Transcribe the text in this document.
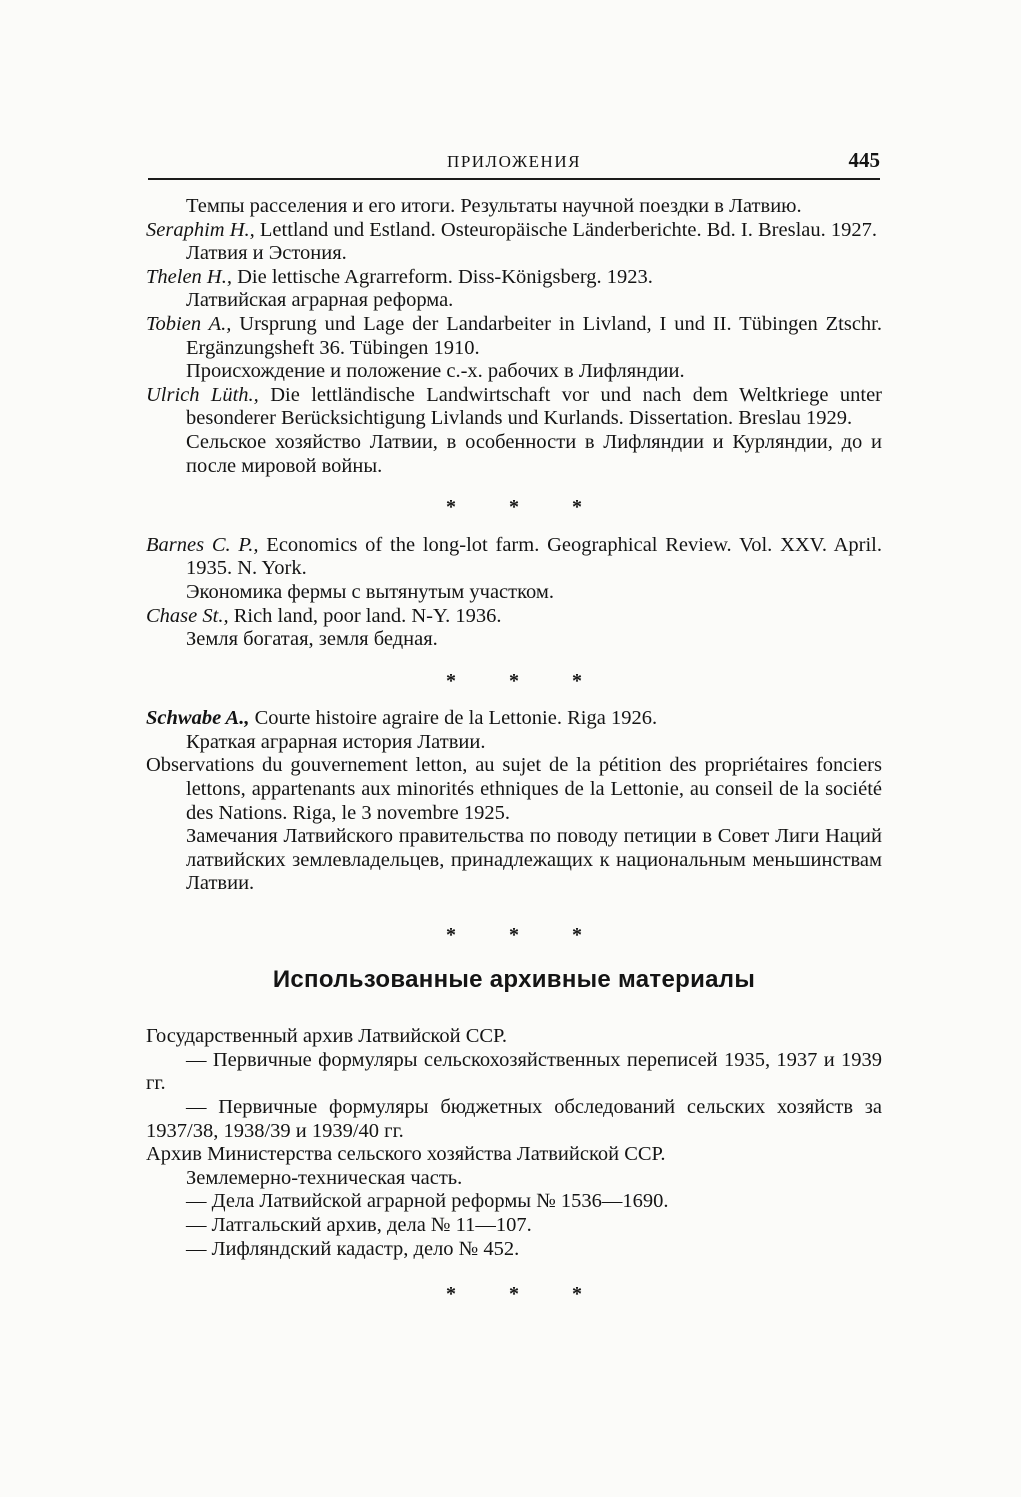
ПРИЛОЖЕНИЯ	445

Темпы расселения и его итоги. Результаты научной поездки в Латвию.

Seraphim H., Lettland und Estland. Osteuropäische Länderberichte. Bd. I. Breslau. 1927.

Латвия и Эстония.

Thelen H., Die lettische Agrarreform. Diss-Königsberg. 1923.

Латвийская аграрная реформа.

Tobien A., Ursprung und Lage der Landarbeiter in Livland, I und II. Tübingen Ztschr. Ergänzungsheft 36. Tübingen 1910.

Происхождение и положение с.-х. рабочих в Лифляндии.

Ulrich Lüth., Die lettländische Landwirtschaft vor und nach dem Weltkriege unter besonderer Berücksichtigung Livlands und Kurlands. Dissertation. Breslau 1929.

Сельское хозяйство Латвии, в особенности в Лифляндии и Курляндии, до и после мировой войны.

* * *

Barnes C. P., Economics of the long-lot farm. Geographical Review. Vol. XXV. April. 1935. N. York.

Экономика фермы с вытянутым участком.

Chase St., Rich land, poor land. N-Y. 1936.

Земля богатая, земля бедная.

* * *

Schwabe A., Courte histoire agraire de la Lettonie. Riga 1926.

Краткая аграрная история Латвии.

Observations du gouvernement letton, au sujet de la pétition des propriétaires fonciers lettons, appartenants aux minorités ethniques de la Lettonie, au conseil de la société des Nations. Riga, le 3 novembre 1925.

Замечания Латвийского правительства по поводу петиции в Совет Лиги Наций латвийских землевладельцев, принадлежащих к национальным меньшинствам Латвии.

* * *
Использованные архивные материалы

Государственный архив Латвийской ССР.

— Первичные формуляры сельскохозяйственных переписей 1935, 1937 и 1939 гг.

— Первичные формуляры бюджетных обследований сельских хозяйств за 1937/38, 1938/39 и 1939/40 гг.

Архив Министерства сельского хозяйства Латвийской ССР.

Землемерно-техническая часть.

— Дела Латвийской аграрной реформы № 1536—1690.

— Латгальский архив, дела № 11—107.

— Лифляндский кадастр, дело № 452.

* * *
